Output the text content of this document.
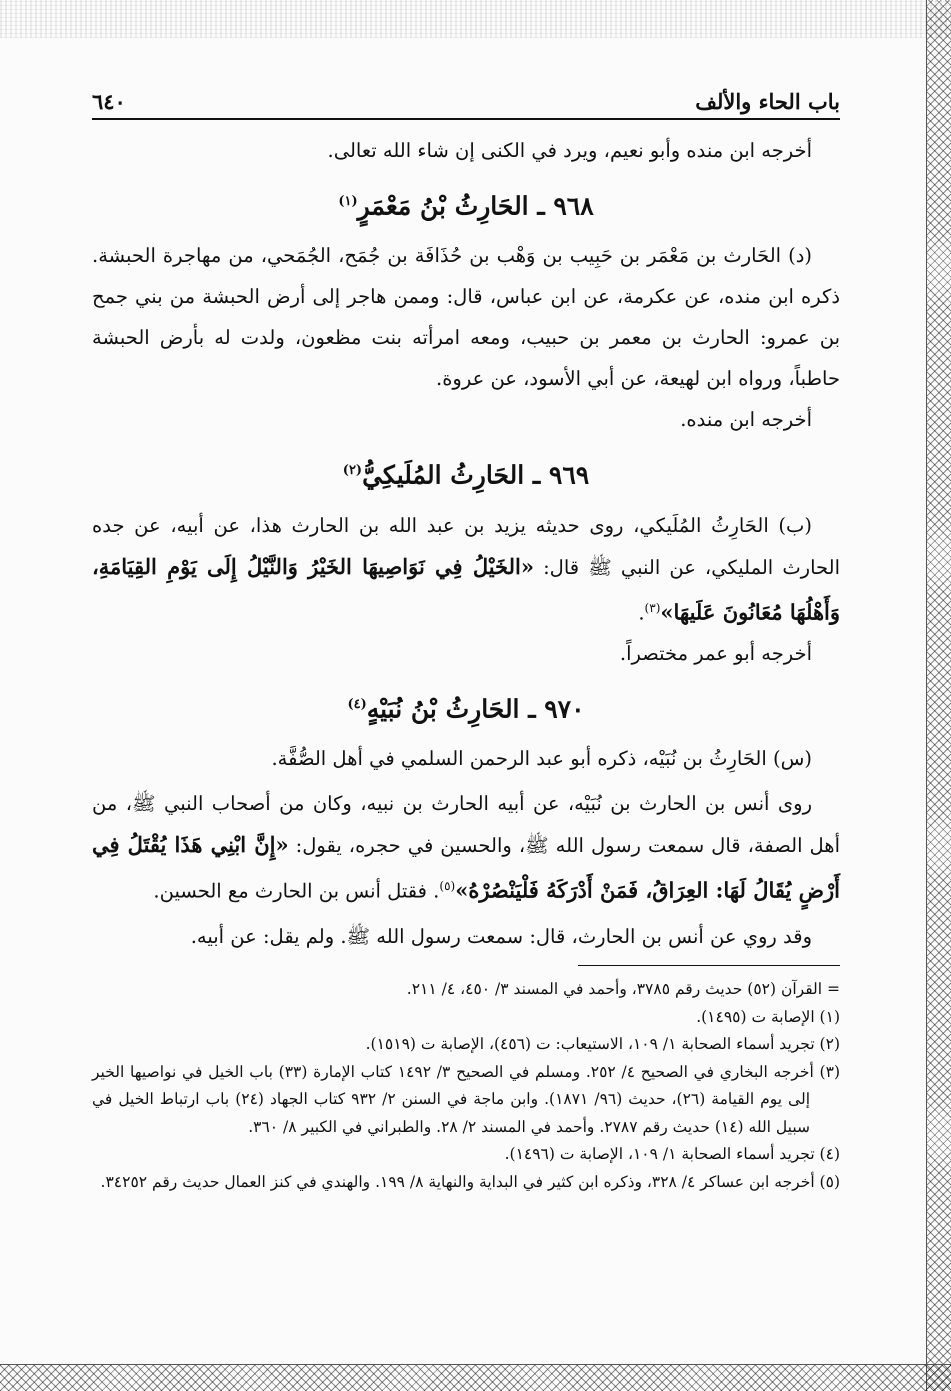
باب الحاء والألف
٦٤٠

أخرجه ابن منده وأبو نعيم، ويرد في الكنى إن شاء الله تعالى.

٩٦٨ ـ الحَارِثُ بْنُ مَعْمَرٍ$^{(١)}$

(د) الحَارث بن مَعْمَر بن حَبِيب بن وَهْب بن حُذَافَة بن جُمَح، الجُمَحي، من مهاجرة الحبشة. ذكره ابن منده، عن عكرمة، عن ابن عباس، قال: وممن هاجر إلى أرض الحبشة من بني جمح بن عمرو: الحارث بن معمر بن حبيب، ومعه امرأته بنت مظعون، ولدت له بأرض الحبشة حاطباً، ورواه ابن لهيعة، عن أبي الأسود، عن عروة.

أخرجه ابن منده.

٩٦٩ ـ الحَارِثُ المُلَيكِيُّ$^{(٢)}$

(ب) الحَارِثُ المُلَيكي، روى حديثه يزيد بن عبد الله بن الحارث هذا، عن أبيه، عن جده الحارث المليكي، عن النبي ﷺ قال: «الخَيْلُ فِي نَوَاصِيهَا الخَيْرُ وَالنَّيْلُ إِلَى يَوْمِ القِيَامَةِ، وَأَهْلُهَا مُعَانُونَ عَلَيهَا»$^{(٣)}$.

أخرجه أبو عمر مختصراً.

٩٧٠ ـ الحَارِثُ بْنُ نُبَيْهٍ$^{(٤)}$

(س) الحَارِثُ بن نُبَيْه، ذكره أبو عبد الرحمن السلمي في أهل الصُّفَّة.

روى أنس بن الحارث بن نُبَيْه، عن أبيه الحارث بن نبيه، وكان من أصحاب النبي ﷺ، من أهل الصفة، قال سمعت رسول الله ﷺ، والحسين في حجره، يقول: «إِنَّ ابْنِي هَذَا يُقْتَلُ فِي أَرْضٍ يُقَالُ لَهَا: العِرَاقُ، فَمَنْ أَدْرَكَهُ فَلْيَنْصُرْهُ»$^{(٥)}$. فقتل أنس بن الحارث مع الحسين.

وقد روي عن أنس بن الحارث، قال: سمعت رسول الله ﷺ. ولم يقل: عن أبيه.

= القرآن (٥٢) حديث رقم ٣٧٨٥، وأحمد في المسند ٣/ ٤٥٠، ٤/ ٢١١.

(١) الإصابة ت (١٤٩٥).

(٢) تجريد أسماء الصحابة ١/ ١٠٩، الاستيعاب: ت (٤٥٦)، الإصابة ت (١٥١٩).

(٣) أخرجه البخاري في الصحيح ٤/ ٢٥٢. ومسلم في الصحيح ٣/ ١٤٩٢ كتاب الإمارة (٣٣) باب الخيل في نواصيها الخير إلى يوم القيامة (٢٦)، حديث (٩٦/ ١٨٧١). وابن ماجة في السنن ٢/ ٩٣٢ كتاب الجهاد (٢٤) باب ارتباط الخيل في سبيل الله (١٤) حديث رقم ٢٧٨٧. وأحمد في المسند ٢/ ٢٨. والطبراني في الكبير ٨/ ٣٦٠.

(٤) تجريد أسماء الصحابة ١/ ١٠٩، الإصابة ت (١٤٩٦).

(٥) أخرجه ابن عساكر ٤/ ٣٢٨، وذكره ابن كثير في البداية والنهاية ٨/ ١٩٩. والهندي في كنز العمال حديث رقم ٣٤٢٥٢.
